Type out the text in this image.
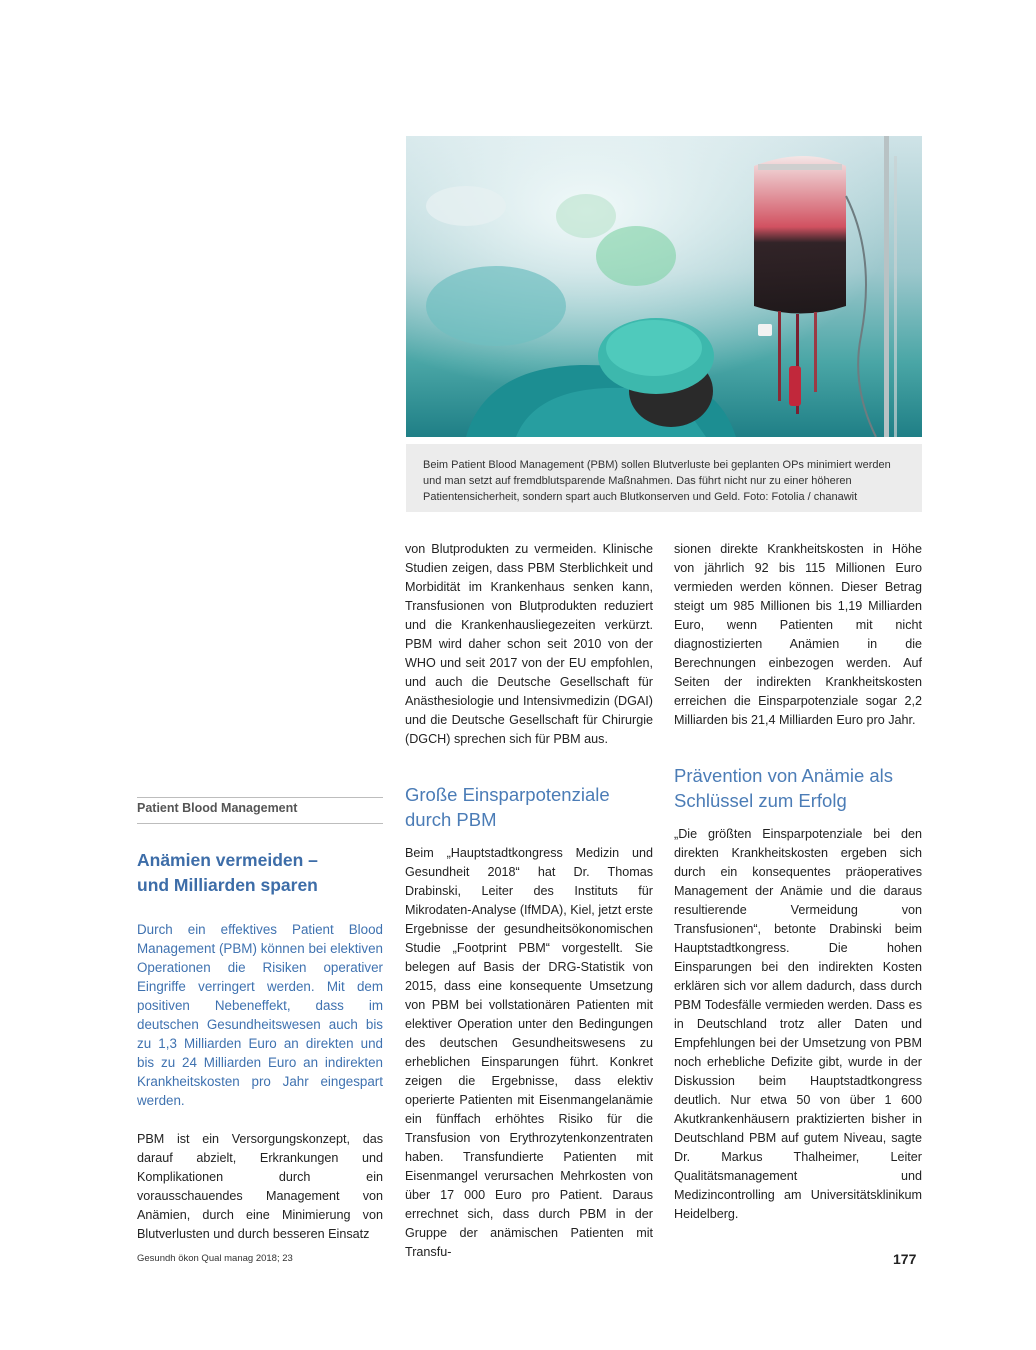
Beim Patient Blood Management (PBM) sollen Blutverluste bei geplanten OPs minimiert werden und man setzt auf fremdblutsparende Maßnahmen. Das führt nicht nur zu einer höheren Patientensicherheit, sondern spart auch Blutkonserven und Geld. Foto: Fotolia / chanawit

von Blutprodukten zu vermeiden. Klinische Studien zeigen, dass PBM Sterblichkeit und Morbidität im Krankenhaus senken kann, Transfusionen von Blutprodukten reduziert und die Krankenhausliegezeiten verkürzt. PBM wird daher schon seit 2010 von der WHO und seit 2017 von der EU empfohlen, und auch die Deutsche Gesellschaft für Anästhesiologie und Intensivmedizin (DGAI) und die Deutsche Gesellschaft für Chirurgie (DGCH) sprechen sich für PBM aus.

Große Einsparpotenziale
durch PBM

Beim „Hauptstadtkongress Medizin und Gesundheit 2018“ hat Dr. Thomas Drabinski, Leiter des Instituts für Mikrodaten-Analyse (IfMDA), Kiel, jetzt erste Ergebnisse der gesundheitsökonomischen Studie „Footprint PBM“ vorgestellt. Sie belegen auf Basis der DRG-Statistik von 2015, dass eine konsequente Umsetzung von PBM bei vollstationären Patienten mit elektiver Operation unter den Bedingungen des deutschen Gesundheitswesens zu erheblichen Einsparungen führt. Konkret zeigen die Ergebnisse, dass elektiv operierte Patienten mit Eisenmangelanämie ein fünffach erhöhtes Risiko für die Transfusion von Erythrozytenkonzentraten haben. Transfundierte Patienten mit Eisenmangel verursachen Mehrkosten von über 17 000 Euro pro Patient. Daraus errechnet sich, dass durch PBM in der Gruppe der anämischen Patienten mit Transfu-

sionen direkte Krankheitskosten in Höhe von jährlich 92 bis 115 Millionen Euro vermieden werden können. Dieser Betrag steigt um 985 Millionen bis 1,19 Milliarden Euro, wenn Patienten mit nicht diagnostizierten Anämien in die Berechnungen einbezogen werden. Auf Seiten der indirekten Krankheitskosten erreichen die Einsparpotenziale sogar 2,2 Milliarden bis 21,4 Milliarden Euro pro Jahr.

Prävention von Anämie als
Schlüssel zum Erfolg

„Die größten Einsparpotenziale bei den direkten Krankheitskosten ergeben sich durch ein konsequentes präoperatives Management der Anämie und die daraus resultierende Vermeidung von Transfusionen“, betonte Drabinski beim Hauptstadtkongress. Die hohen Einsparungen bei den indirekten Kosten erklären sich vor allem dadurch, dass durch PBM Todesfälle vermieden werden. Dass es in Deutschland trotz aller Daten und Empfehlungen bei der Umsetzung von PBM noch erhebliche Defizite gibt, wurde in der Diskussion beim Hauptstadtkongress deutlich. Nur etwa 50 von über 1 600 Akutkrankenhäusern praktizierten bisher in Deutschland PBM auf gutem Niveau, sagte Dr. Markus Thalheimer, Leiter Qualitätsmanagement und Medizincontrolling am Universitätsklinikum Heidelberg.

Patient Blood Management
Anämien vermeiden –
und Milliarden sparen
Durch ein effektives Patient Blood Management (PBM) können bei elektiven Operationen die Risiken operativer Eingriffe verringert werden. Mit dem positiven Nebeneffekt, dass im deutschen Gesundheitswesen auch bis zu 1,3 Milliarden Euro an direkten und bis zu 24 Milliarden Euro an indirekten Krankheitskosten pro Jahr eingespart werden.

PBM ist ein Versorgungskonzept, das darauf abzielt, Erkrankungen und Komplikationen durch ein vorausschauendes Management von Anämien, durch eine Minimierung von Blutverlusten und durch besseren Einsatz

Gesundh ökon Qual manag 2018; 23	177
